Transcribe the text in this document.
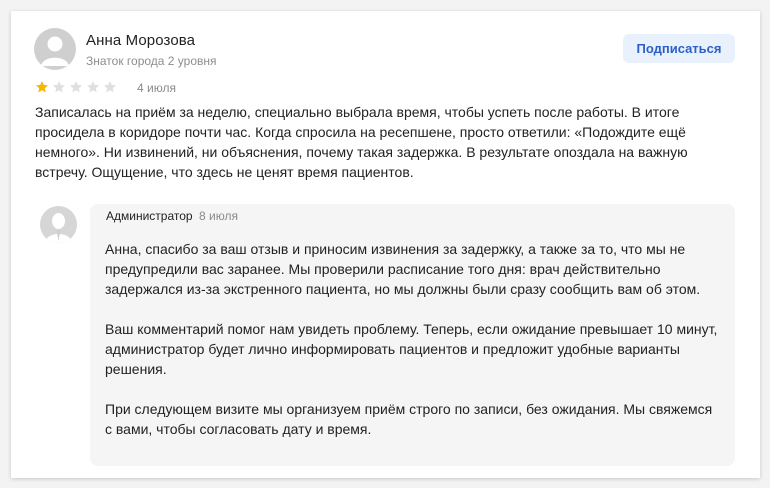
Анна Морозова
Знаток города 2 уровня
Подписаться
4 июля
Записалась на приём за неделю, специально выбрала время, чтобы успеть после работы. В итоге просидела в коридоре почти час. Когда спросила на ресепшене, просто ответили: «Подождите ещё немного». Ни извинений, ни объяснения, почему такая задержка. В результате опоздала на важную встречу. Ощущение, что здесь не ценят время пациентов.
Администратор 8 июля

Анна, спасибо за ваш отзыв и приносим извинения за задержку, а также за то, что мы не предупредили вас заранее. Мы проверили расписание того дня: врач действительно задержался из-за экстренного пациента, но мы должны были сразу сообщить вам об этом.

Ваш комментарий помог нам увидеть проблему. Теперь, если ожидание превышает 10 минут, администратор будет лично информировать пациентов и предложит удобные варианты решения.

При следующем визите мы организуем приём строго по записи, без ожидания. Мы свяжемся с вами, чтобы согласовать дату и время.
